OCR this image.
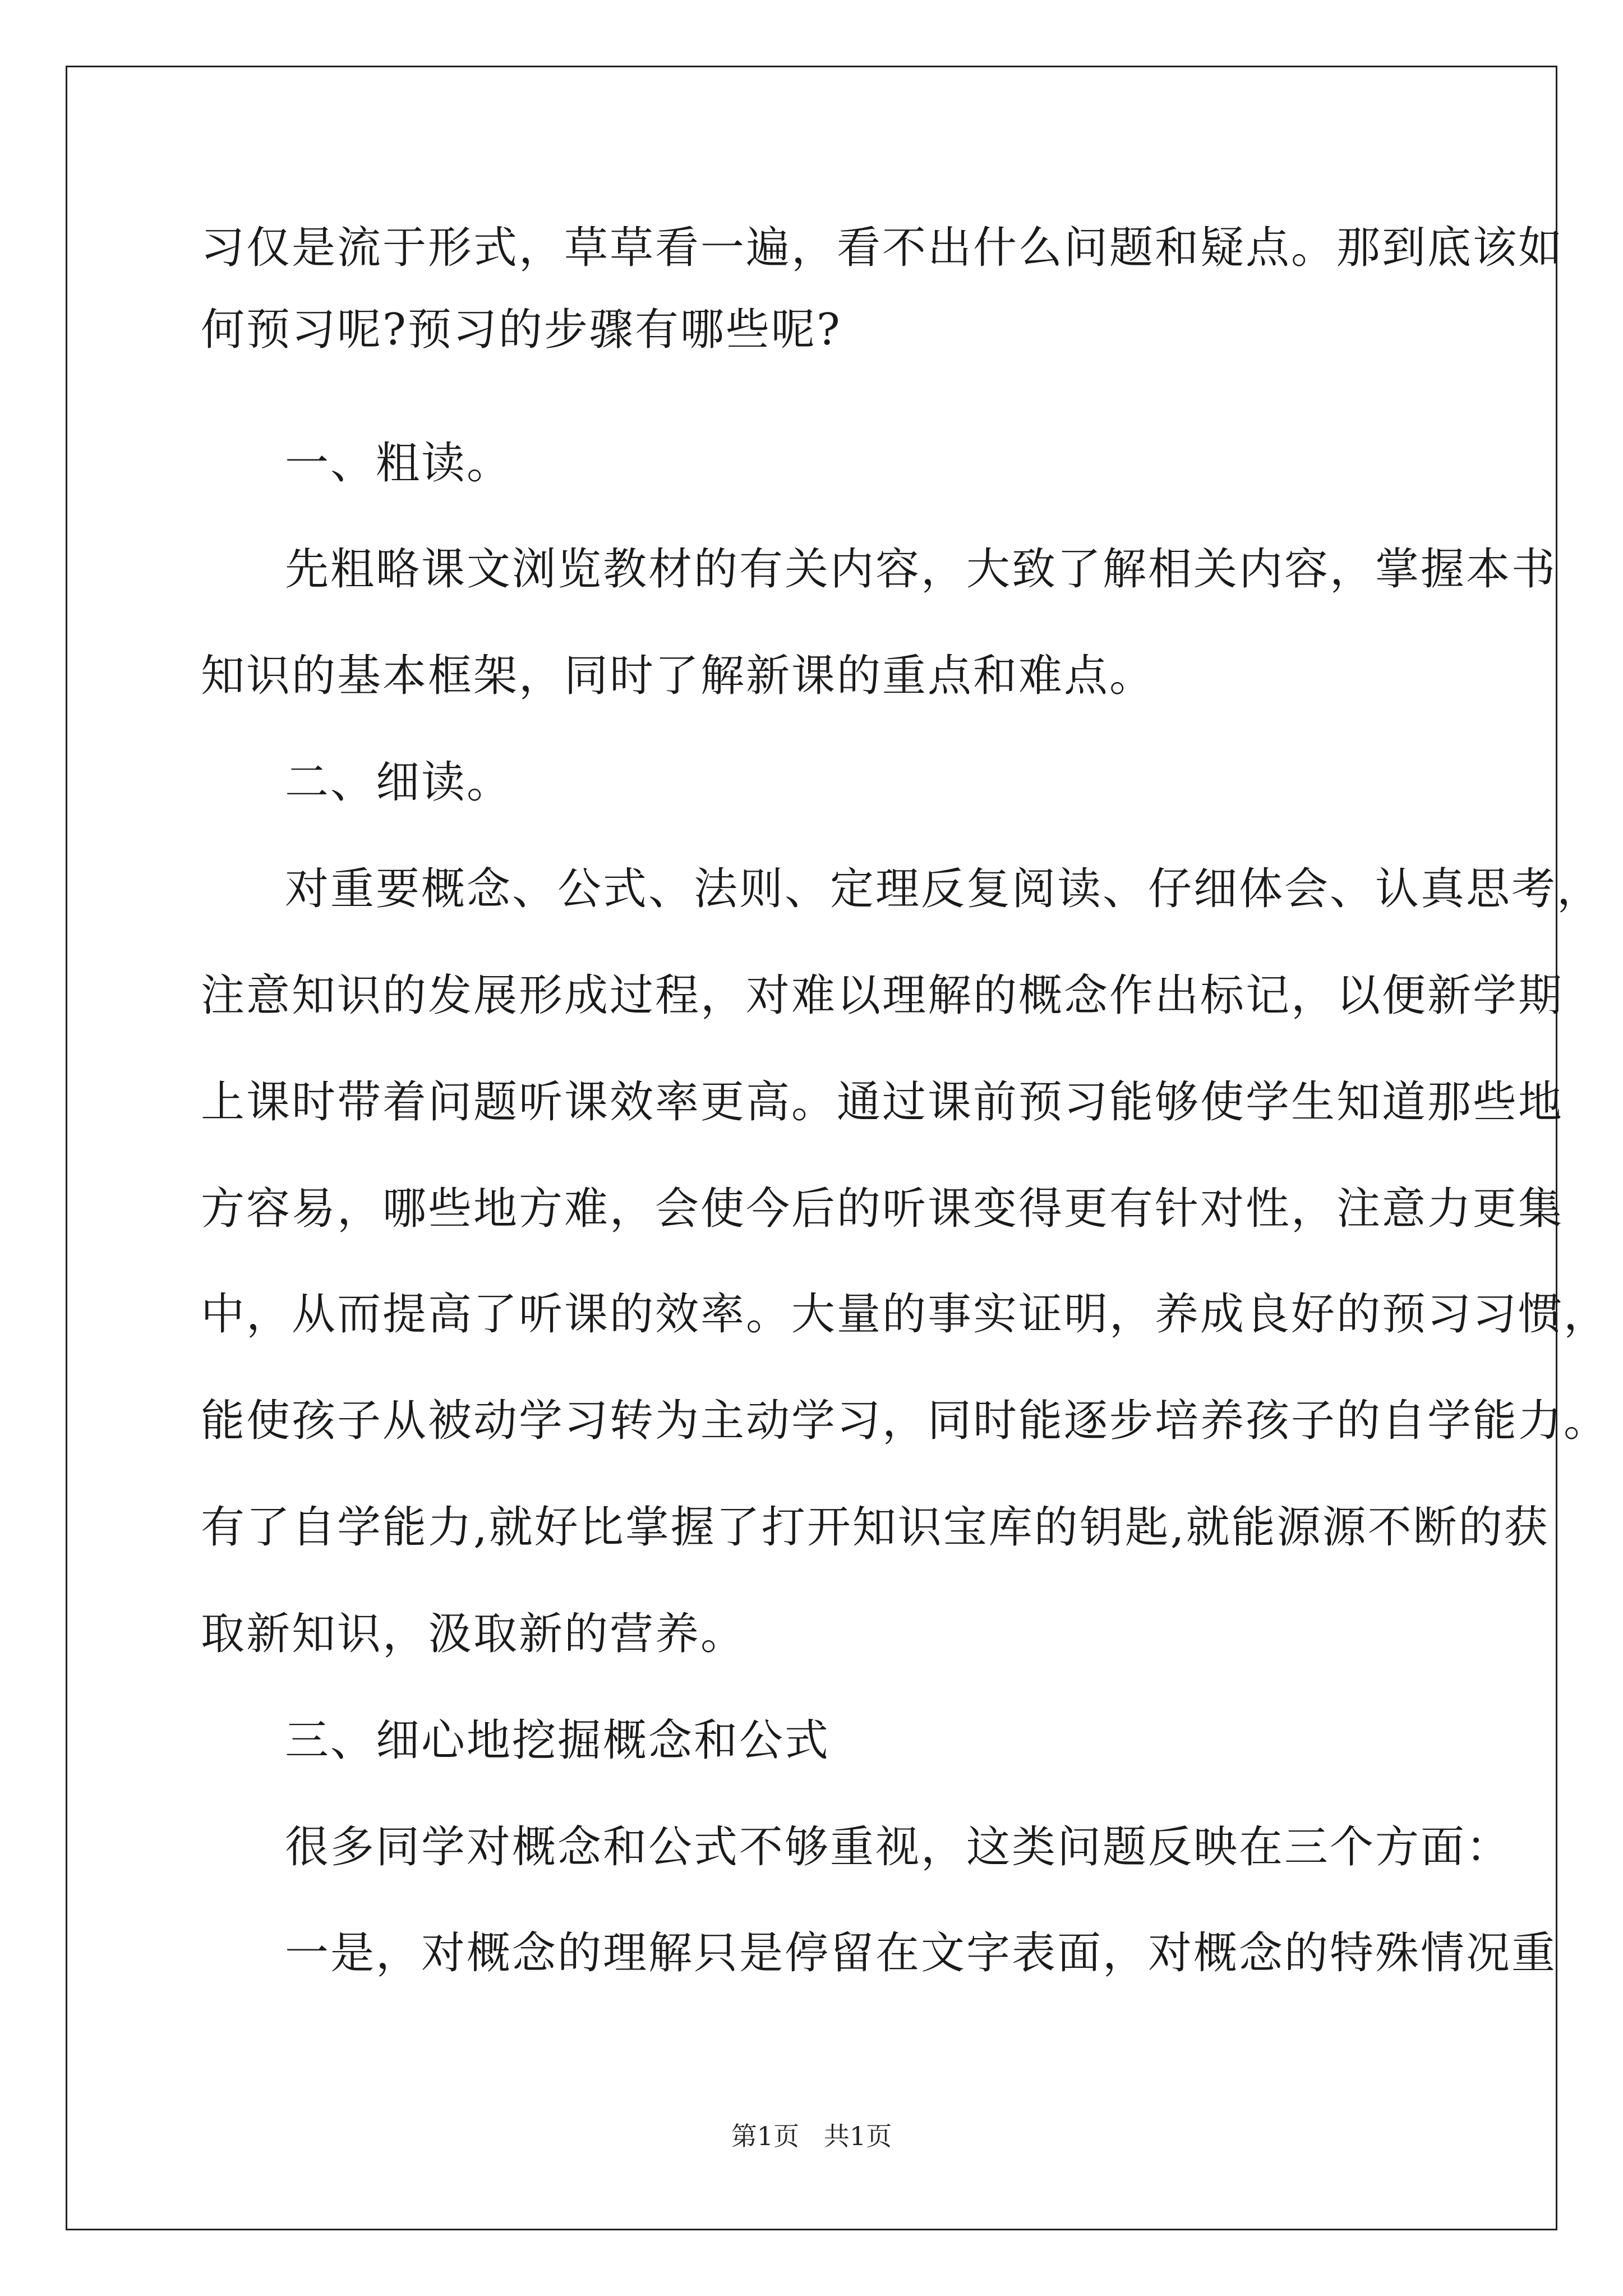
习仅是流于形式，草草看一遍，看不出什么问题和疑点。那到底该如
何预习呢?预习的步骤有哪些呢?
一、粗读。
先粗略课文浏览教材的有关内容，大致了解相关内容，掌握本书
知识的基本框架，同时了解新课的重点和难点。
二、细读。
对重要概念、公式、法则、定理反复阅读、仔细体会、认真思考，
注意知识的发展形成过程，对难以理解的概念作出标记，以便新学期
上课时带着问题听课效率更高。通过课前预习能够使学生知道那些地
方容易，哪些地方难，会使今后的听课变得更有针对性，注意力更集
中，从而提高了听课的效率。大量的事实证明，养成良好的预习习惯，
能使孩子从被动学习转为主动学习，同时能逐步培养孩子的自学能力。
有了自学能力,就好比掌握了打开知识宝库的钥匙,就能源源不断的获
取新知识，汲取新的营养。
三、细心地挖掘概念和公式
很多同学对概念和公式不够重视，这类问题反映在三个方面：
一是，对概念的理解只是停留在文字表面，对概念的特殊情况重
第1页   共1页
